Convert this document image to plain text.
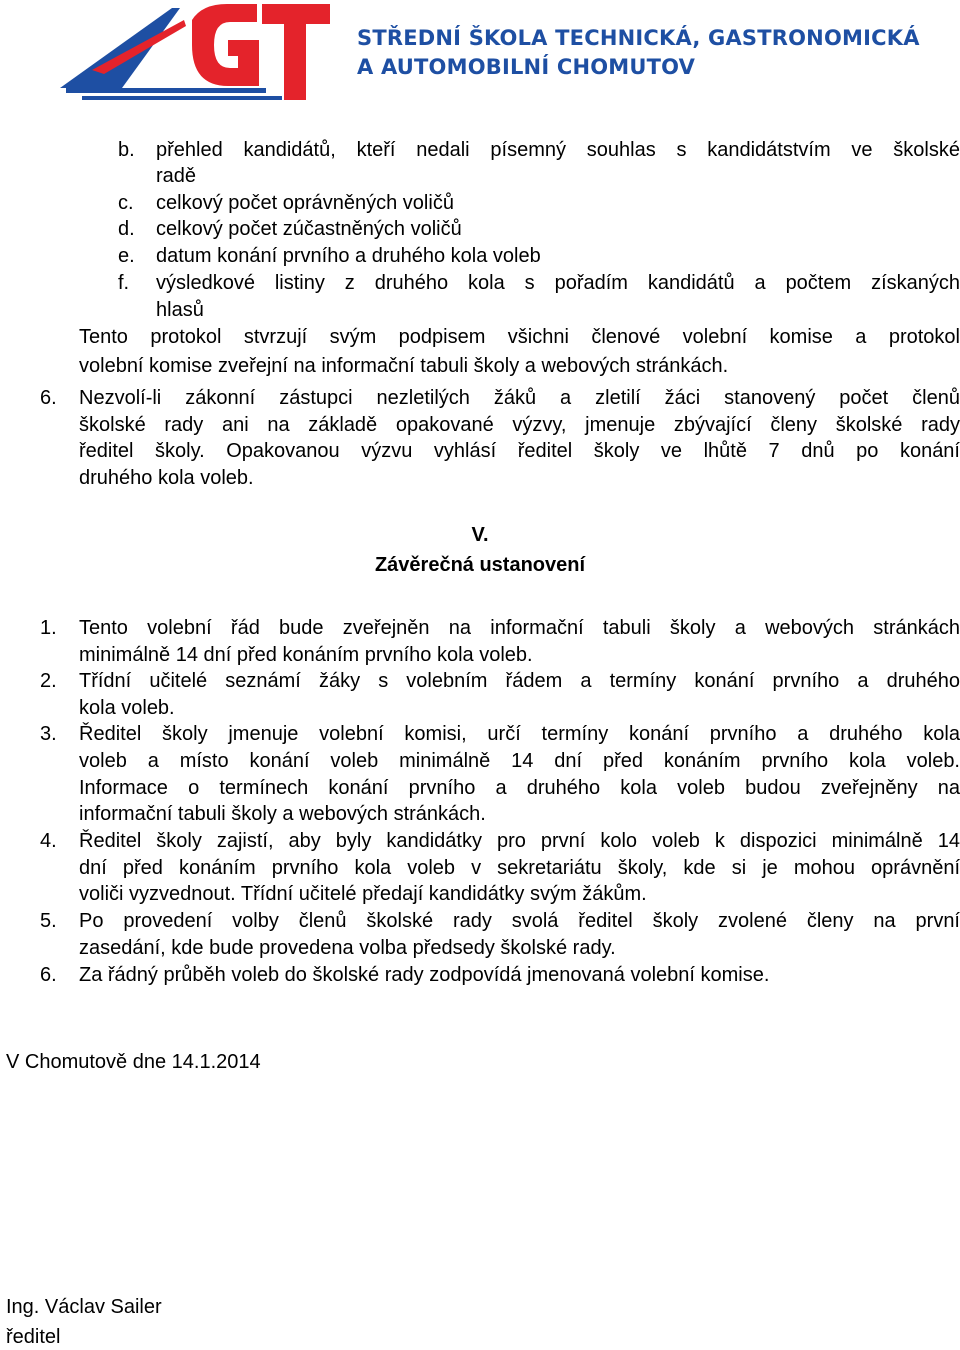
STŘEDNÍ ŠKOLA TECHNICKÁ, GASTRONOMICKÁ
A AUTOMOBILNÍ CHOMUTOV
b. přehled kandidátů, kteří nedali písemný souhlas s kandidátstvím ve školské
radě
c. celkový počet oprávněných voličů
d. celkový počet zúčastněných voličů
e. datum konání prvního a druhého kola voleb
f. výsledkové listiny z druhého kola s pořadím kandidátů a počtem získaných
hlasů
Tento protokol stvrzují svým podpisem všichni členové volební komise a protokol
volební komise zveřejní na informační tabuli školy a webových stránkách.
6. Nezvolí-li zákonní zástupci nezletilých žáků a zletilí žáci stanovený počet členů
školské rady ani na základě opakované výzvy, jmenuje zbývající členy školské rady
ředitel školy. Opakovanou výzvu vyhlásí ředitel školy ve lhůtě 7 dnů po konání
druhého kola voleb.
V.
Závěrečná ustanovení
1. Tento volební řád bude zveřejněn na informační tabuli školy a webových stránkách
minimálně 14 dní před konáním prvního kola voleb.
2. Třídní učitelé seznámí žáky s volebním řádem a termíny konání prvního a druhého
kola voleb.
3. Ředitel školy jmenuje volební komisi, určí termíny konání prvního a druhého kola
voleb a místo konání voleb minimálně 14 dní před konáním prvního kola voleb.
Informace o termínech konání prvního a druhého kola voleb budou zveřejněny na
informační tabuli školy a webových stránkách.
4. Ředitel školy zajistí, aby byly kandidátky pro první kolo voleb k dispozici minimálně 14
dní před konáním prvního kola voleb v sekretariátu školy, kde si je mohou oprávnění
voliči vyzvednout. Třídní učitelé předají kandidátky svým žákům.
5. Po provedení volby členů školské rady svolá ředitel školy zvolené členy na první
zasedání, kde bude provedena volba předsedy školské rady.
6. Za řádný průběh voleb do školské rady zodpovídá jmenovaná volební komise.
V Chomutově dne 14.1.2014
Ing. Václav Sailer
ředitel
